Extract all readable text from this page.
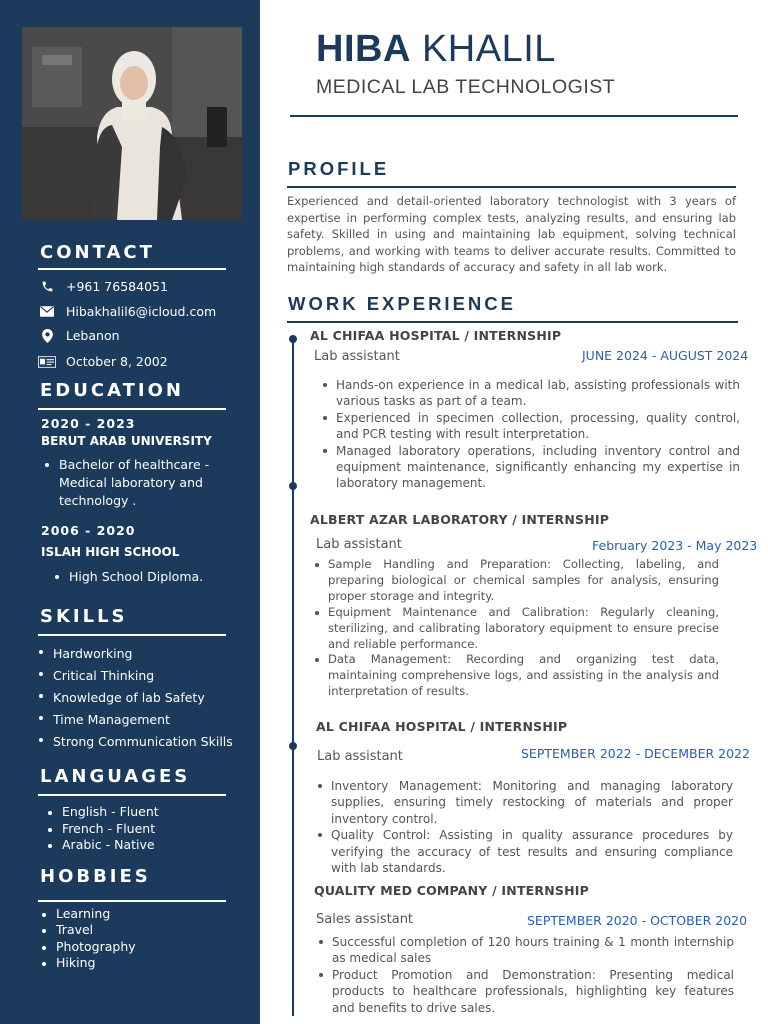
CONTACT
+961 76584051
Hibakhalil6@icloud.com
Lebanon
October 8, 2002
EDUCATION
2020 - 2023
BERUT ARAB UNIVERSITY
Bachelor of healthcare - Medical laboratory and technology .
2006 - 2020
ISLAH HIGH SCHOOL
High School Diploma.
SKILLS
Hardworking
Critical Thinking
Knowledge of lab Safety
Time Management
Strong Communication Skills
LANGUAGES
English - Fluent
French - Fluent
Arabic - Native
HOBBIES
Learning
Travel
Photography
Hiking
HIBA KHALIL
MEDICAL LAB TECHNOLOGIST
PROFILE
Experienced and detail-oriented laboratory technologist with 3 years of expertise in performing complex tests, analyzing results, and ensuring lab safety. Skilled in using and maintaining lab equipment, solving technical problems, and working with teams to deliver accurate results. Committed to maintaining high standards of accuracy and safety in all lab work.
WORK EXPERIENCE
AL CHIFAA HOSPITAL / INTERNSHIP
Lab assistant	JUNE 2024 - AUGUST 2024
Hands-on experience in a medical lab, assisting professionals with various tasks as part of a team.
Experienced in specimen collection, processing, quality control, and PCR testing with result interpretation.
Managed laboratory operations, including inventory control and equipment maintenance, significantly enhancing my expertise in laboratory management.
ALBERT AZAR LABORATORY / INTERNSHIP
Lab assistant	February 2023 - May 2023
Sample Handling and Preparation: Collecting, labeling, and preparing biological or chemical samples for analysis, ensuring proper storage and integrity.
Equipment Maintenance and Calibration: Regularly cleaning, sterilizing, and calibrating laboratory equipment to ensure precise and reliable performance.
Data Management: Recording and organizing test data, maintaining comprehensive logs, and assisting in the analysis and interpretation of results.
AL CHIFAA HOSPITAL / INTERNSHIP
Lab assistant	SEPTEMBER 2022 - DECEMBER 2022
Inventory Management: Monitoring and managing laboratory supplies, ensuring timely restocking of materials and proper inventory control.
Quality Control: Assisting in quality assurance procedures by verifying the accuracy of test results and ensuring compliance with lab standards.
QUALITY MED COMPANY / INTERNSHIP
Sales assistant	SEPTEMBER 2020 - OCTOBER 2020
Successful completion of 120 hours training & 1 month internship as medical sales
Product Promotion and Demonstration: Presenting medical products to healthcare professionals, highlighting key features and benefits to drive sales.
